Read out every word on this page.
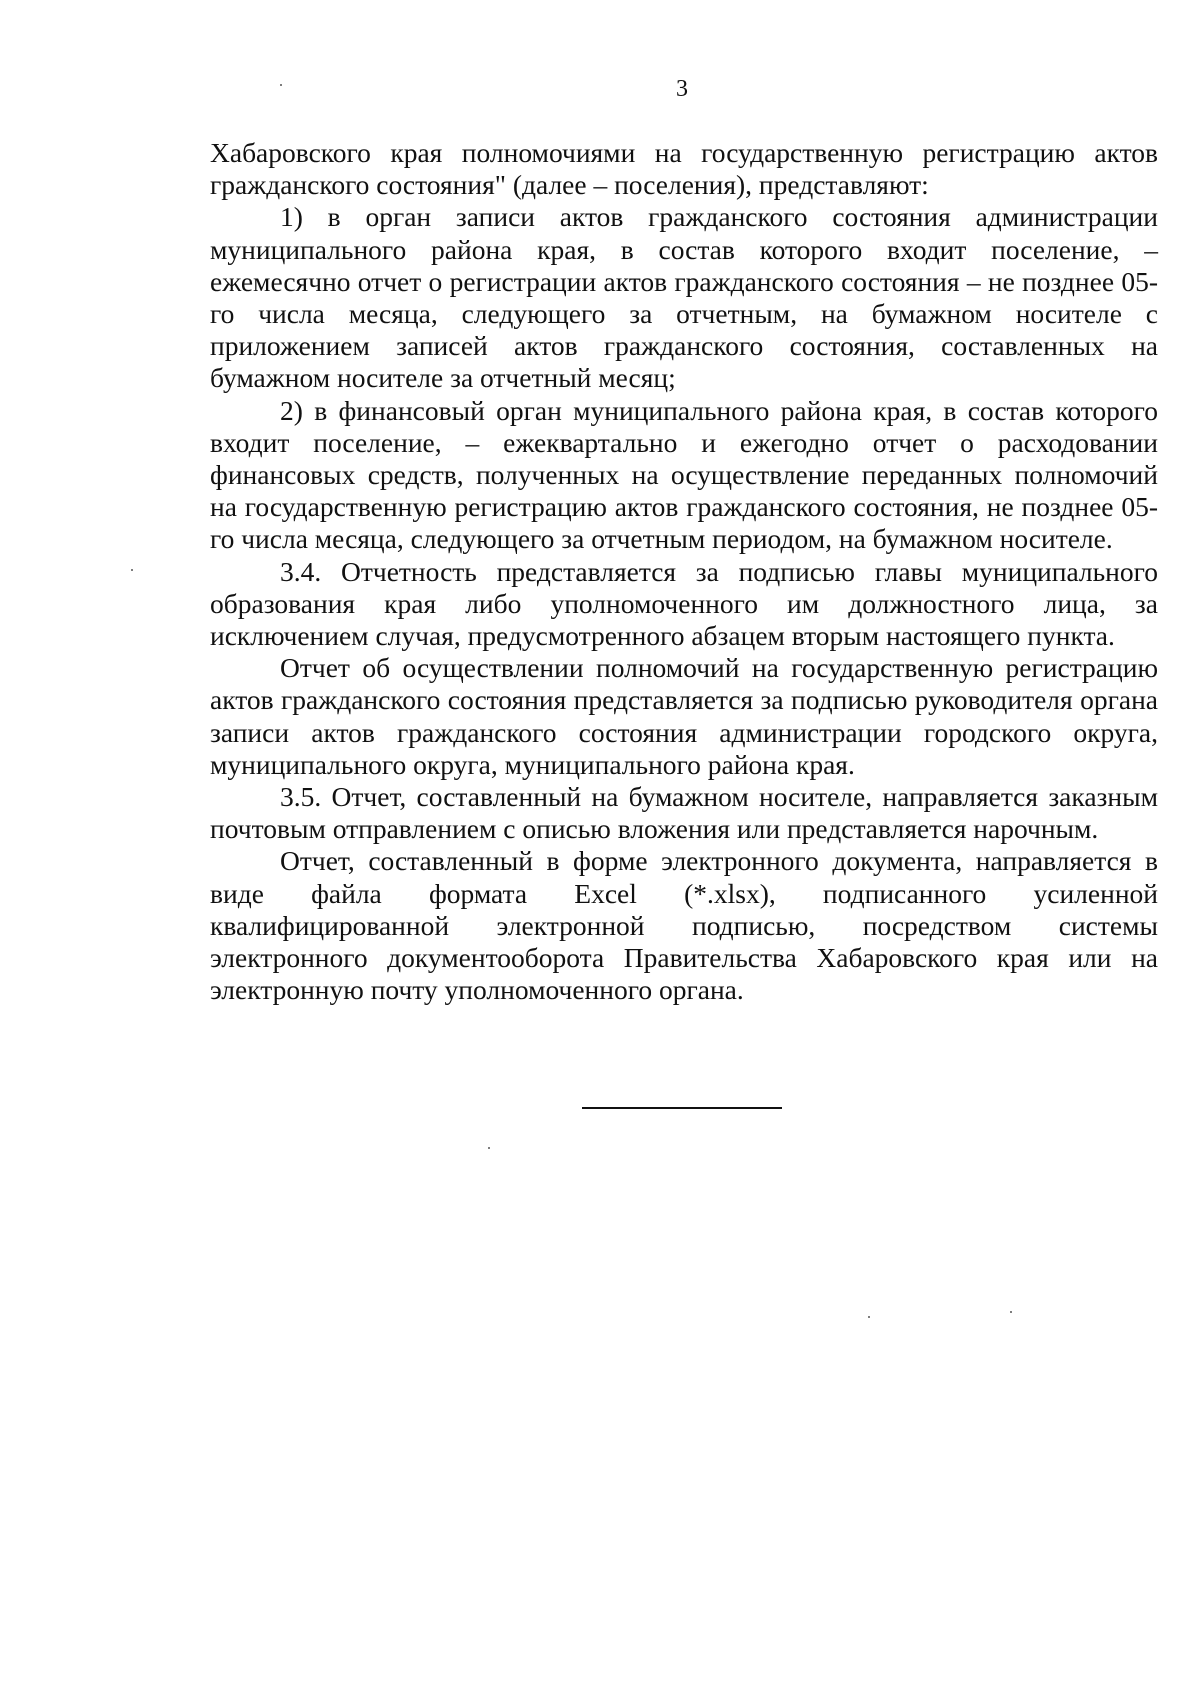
3

Хабаровского края полномочиями на государственную регистрацию актов гражданского состояния" (далее – поселения), представляют:

1) в орган записи актов гражданского состояния администрации муниципального района края, в состав которого входит поселение, – ежемесячно отчет о регистрации актов гражданского состояния – не позднее 05-го числа месяца, следующего за отчетным, на бумажном носителе с приложением записей актов гражданского состояния, составленных на бумажном носителе за отчетный месяц;

2) в финансовый орган муниципального района края, в состав которого входит поселение, – ежеквартально и ежегодно отчет о расходовании финансовых средств, полученных на осуществление переданных полномочий на государственную регистрацию актов гражданского состояния, не позднее 05-го числа месяца, следующего за отчетным периодом, на бумажном носителе.

3.4. Отчетность представляется за подписью главы муниципального образования края либо уполномоченного им должностного лица, за исключением случая, предусмотренного абзацем вторым настоящего пункта.

Отчет об осуществлении полномочий на государственную регистрацию актов гражданского состояния представляется за подписью руководителя органа записи актов гражданского состояния администрации городского округа, муниципального округа, муниципального района края.

3.5. Отчет, составленный на бумажном носителе, направляется заказным почтовым отправлением с описью вложения или представляется нарочным.

Отчет, составленный в форме электронного документа, направляется в виде файла формата Excel (*.xlsx), подписанного усиленной квалифицированной электронной подписью, посредством системы электронного документооборота Правительства Хабаровского края или на электронную почту уполномоченного органа.
